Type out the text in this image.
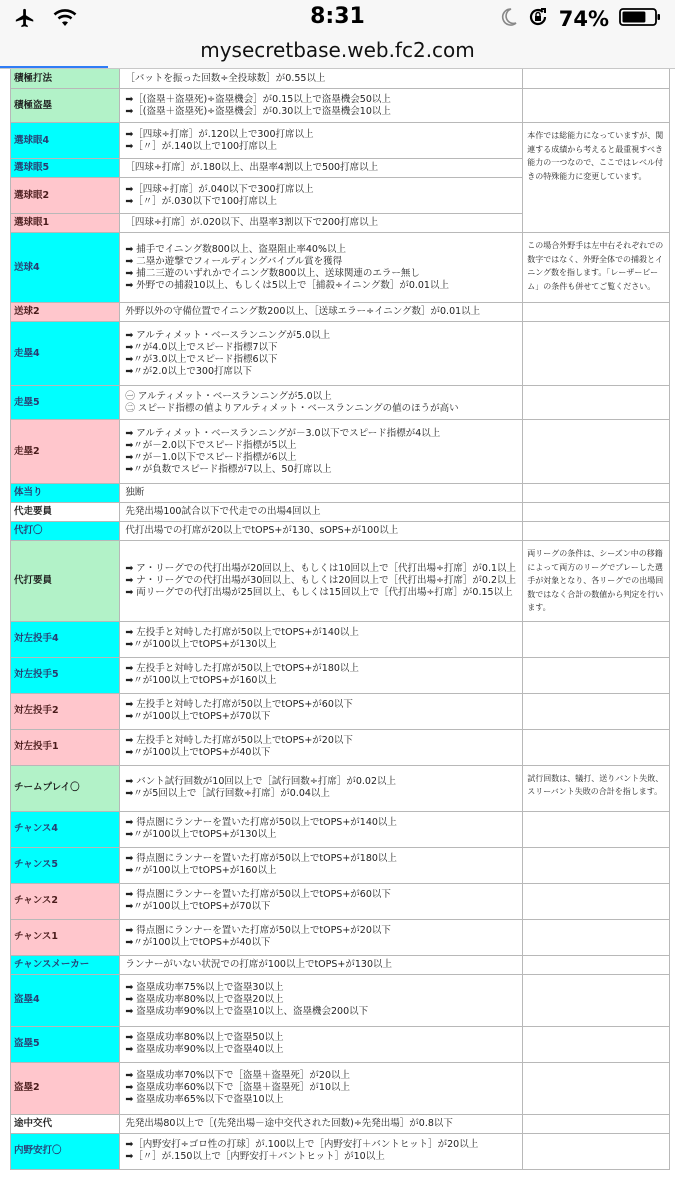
8:31	74%
mysecretbase.web.fc2.com
積極打法	［バットを振った回数÷全投球数］が0.55以上	

積極盗塁	➡［(盗塁＋盗塁死)÷盗塁機会］が0.15以上で盗塁機会50以上
➡［(盗塁＋盗塁死)÷盗塁機会］が0.30以上で盗塁機会10以上	

選球眼4	➡［四球÷打席］が.120以上で300打席以上
➡［〃］が.140以上で100打席以上	本作では総能力になっていますが、関連する成績から考えると最重視すべき能力の一つなので、ここではレベル付きの特殊能力に変更しています。
選球眼5	［四球÷打席］が.180以上、出塁率4割以上で500打席以上	

選球眼2	➡［四球÷打席］が.040以下で300打席以上
➡［〃］が.030以下で100打席以上	

選球眼1	［四球÷打席］が.020以下、出塁率3割以下で200打席以上	

送球4	➡ 捕手でイニング数800以上、盗塁阻止率40%以上
➡ 二塁か遊撃でフィールディングバイブル賞を獲得
➡ 捕二三遊のいずれかでイニング数800以上、送球関連のエラー無し
➡ 外野での捕殺10以上、もしくは5以上で［捕殺÷イニング数］が0.01以上	この場合外野手は左中右それぞれでの数字ではなく、外野全体での捕殺とイニング数を指します。「レーザービーム」の条件も併せてご覧ください。
送球2	外野以外の守備位置でイニング数200以上、［送球エラー÷イニング数］が0.01以上	

走塁4	➡ アルティメット・ベースランニングが5.0以上
➡〃が4.0以上でスピード指標7以下
➡〃が3.0以上でスピード指標6以下
➡〃が2.0以上で300打席以下	

走塁5	㊀ アルティメット・ベースランニングが5.0以上
㊁ スピード指標の値よりアルティメット・ベースランニングの値のほうが高い	

走塁2	➡ アルティメット・ベースランニングが－3.0以下でスピード指標が4以上
➡〃が－2.0以下でスピード指標が5以上
➡〃が－1.0以下でスピード指標が6以上
➡〃が負数でスピード指標が7以上、50打席以上	

体当り	独断	

代走要員	先発出場100試合以下で代走での出場4回以上	

代打〇	代打出場での打席が20以上でtOPS+が130、sOPS+が100以上	

代打要員	➡ ア・リーグでの代打出場が20回以上、もしくは10回以上で［代打出場÷打席］が0.1以上
➡ ナ・リーグでの代打出場が30回以上、もしくは20回以上で［代打出場÷打席］が0.2以上
➡ 両リーグでの代打出場が25回以上、もしくは15回以上で［代打出場÷打席］が0.15以上	両リーグの条件は、シーズン中の移籍によって両方のリーグでプレーした選手が対象となり、各リーグでの出場回数ではなく合計の数値から判定を行います。
対左投手4	➡ 左投手と対峙した打席が50以上でtOPS+が140以上
➡〃が100以上でtOPS+が130以上	

対左投手5	➡ 左投手と対峙した打席が50以上でtOPS+が180以上
➡〃が100以上でtOPS+が160以上	

対左投手2	➡ 左投手と対峙した打席が50以上でtOPS+が60以下
➡〃が100以上でtOPS+が70以下	

対左投手1	➡ 左投手と対峙した打席が50以上でtOPS+が20以下
➡〃が100以上でtOPS+が40以下	

チームプレイ〇	➡ バント試行回数が10回以上で［試行回数÷打席］が0.02以上
➡〃が5回以上で［試行回数÷打席］が0.04以上	試行回数は、犠打、送りバント失敗、スリーバント失敗の合計を指します。
チャンス4	➡ 得点圏にランナーを置いた打席が50以上でtOPS+が140以上
➡〃が100以上でtOPS+が130以上	

チャンス5	➡ 得点圏にランナーを置いた打席が50以上でtOPS+が180以上
➡〃が100以上でtOPS+が160以上	

チャンス2	➡ 得点圏にランナーを置いた打席が50以上でtOPS+が60以下
➡〃が100以上でtOPS+が70以下	

チャンス1	➡ 得点圏にランナーを置いた打席が50以上でtOPS+が20以下
➡〃が100以上でtOPS+が40以下	

チャンスメーカー	ランナーがいない状況での打席が100以上でtOPS+が130以上	

盗塁4	➡ 盗塁成功率75%以上で盗塁30以上
➡ 盗塁成功率80%以上で盗塁20以上
➡ 盗塁成功率90%以上で盗塁10以上、盗塁機会200以下	

盗塁5	➡ 盗塁成功率80%以上で盗塁50以上
➡ 盗塁成功率90%以上で盗塁40以上	

盗塁2	➡ 盗塁成功率70%以下で［盗塁＋盗塁死］が20以上
➡ 盗塁成功率60%以下で［盗塁＋盗塁死］が10以上
➡ 盗塁成功率65%以下で盗塁10以上	

途中交代	先発出場80以上で［(先発出場－途中交代された回数)÷先発出場］が0.8以下	

内野安打〇	➡［内野安打÷ゴロ性の打球］が.100以上で［内野安打＋バントヒット］が20以上
➡［〃］が.150以上で［内野安打＋バントヒット］が10以上	
